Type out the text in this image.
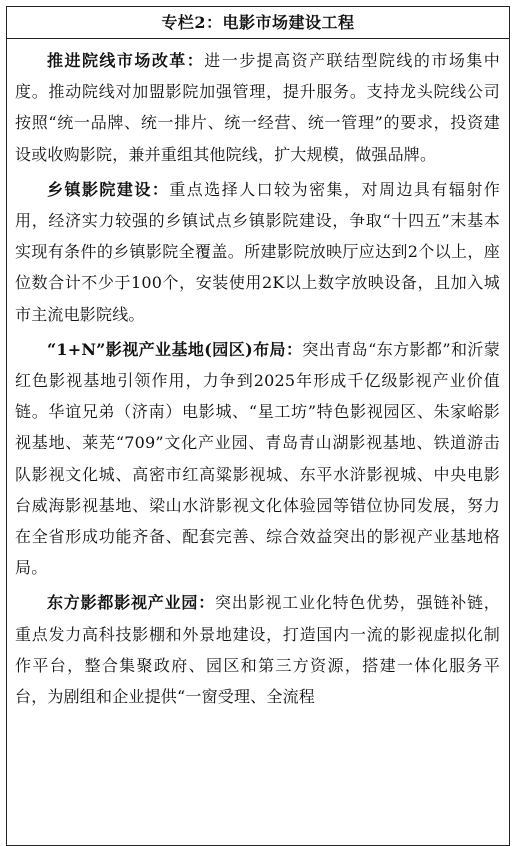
专栏2：电影市场建设工程

推进院线市场改革：进一步提高资产联结型院线的市场集中度。推动院线对加盟影院加强管理，提升服务。支持龙头院线公司按照“统一品牌、统一排片、统一经营、统一管理”的要求，投资建设或收购影院，兼并重组其他院线，扩大规模，做强品牌。

乡镇影院建设：重点选择人口较为密集，对周边具有辐射作用，经济实力较强的乡镇试点乡镇影院建设，争取“十四五”末基本实现有条件的乡镇影院全覆盖。所建影院放映厅应达到2个以上，座位数合计不少于100个，安装使用2K以上数字放映设备，且加入城市主流电影院线。

“1+N”影视产业基地(园区)布局：突出青岛“东方影都”和沂蒙红色影视基地引领作用，力争到2025年形成千亿级影视产业价值链。华谊兄弟（济南）电影城、“星工坊”特色影视园区、朱家峪影视基地、莱芜“709”文化产业园、青岛青山湖影视基地、铁道游击队影视文化城、高密市红高粱影视城、东平水浒影视城、中央电影台威海影视基地、梁山水浒影视文化体验园等错位协同发展，努力在全省形成功能齐备、配套完善、综合效益突出的影视产业基地格局。

东方影都影视产业园：突出影视工业化特色优势，强链补链，重点发力高科技影棚和外景地建设，打造国内一流的影视虚拟化制作平台，整合集聚政府、园区和第三方资源，搭建一体化服务平台，为剧组和企业提供“一窗受理、全流程
